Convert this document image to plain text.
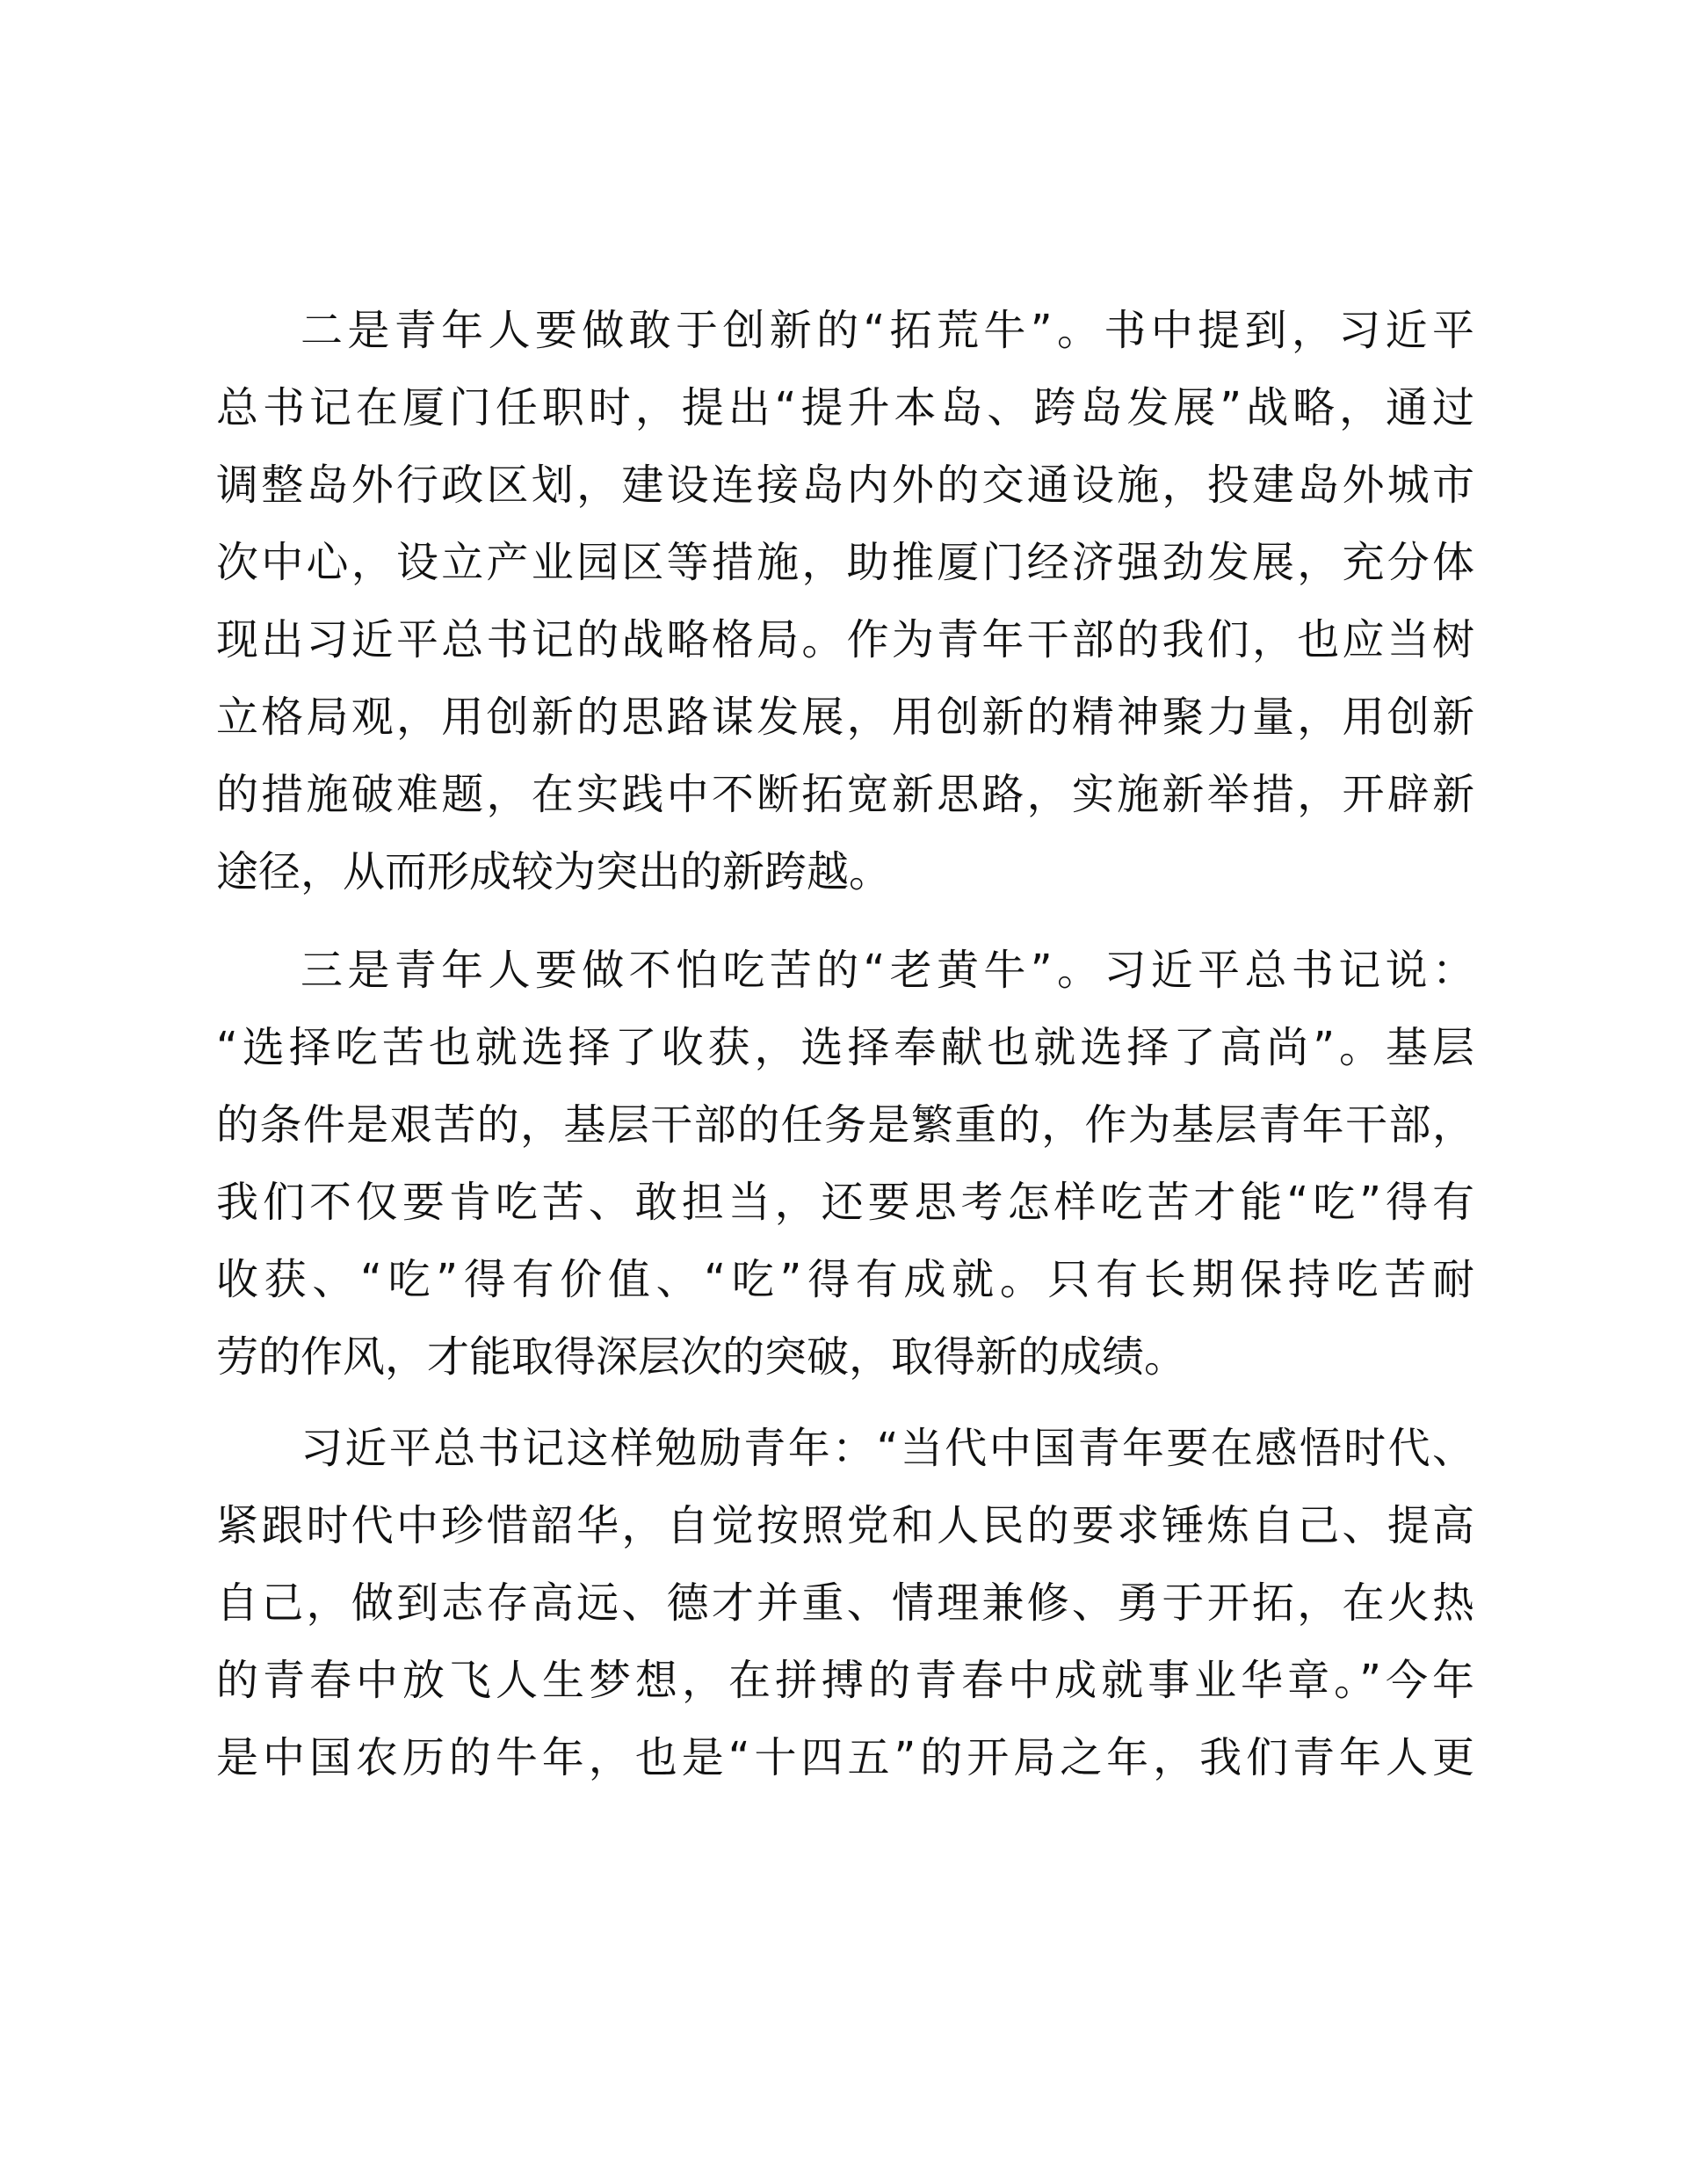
二是青年人要做敢于创新的“拓荒牛”。书中提到，习近平
总书记在厦门任职时，提出“提升本岛、跨岛发展”战略，通过
调整岛外行政区划，建设连接岛内外的交通设施，投建岛外城市
次中心，设立产业园区等措施，助推厦门经济强劲发展，充分体
现出习近平总书记的战略格局。作为青年干部的我们，也应当树
立格局观，用创新的思路谋发展，用创新的精神聚力量，用创新
的措施破难题，在实践中不断拓宽新思路，实施新举措，开辟新
途径，从而形成较为突出的新跨越。
三是青年人要做不怕吃苦的“老黄牛”。习近平总书记说：
“选择吃苦也就选择了收获，选择奉献也就选择了高尚”。基层
的条件是艰苦的，基层干部的任务是繁重的，作为基层青年干部，
我们不仅要肯吃苦、敢担当，还要思考怎样吃苦才能“吃”得有
收获、“吃”得有价值、“吃”得有成就。只有长期保持吃苦耐
劳的作风，才能取得深层次的突破，取得新的成绩。
习近平总书记这样勉励青年：“当代中国青年要在感悟时代、
紧跟时代中珍惜韶华，自觉按照党和人民的要求锤炼自己、提高
自己，做到志存高远、德才并重、情理兼修、勇于开拓，在火热
的青春中放飞人生梦想，在拼搏的青春中成就事业华章。”今年
是中国农历的牛年，也是“十四五”的开局之年，我们青年人更
